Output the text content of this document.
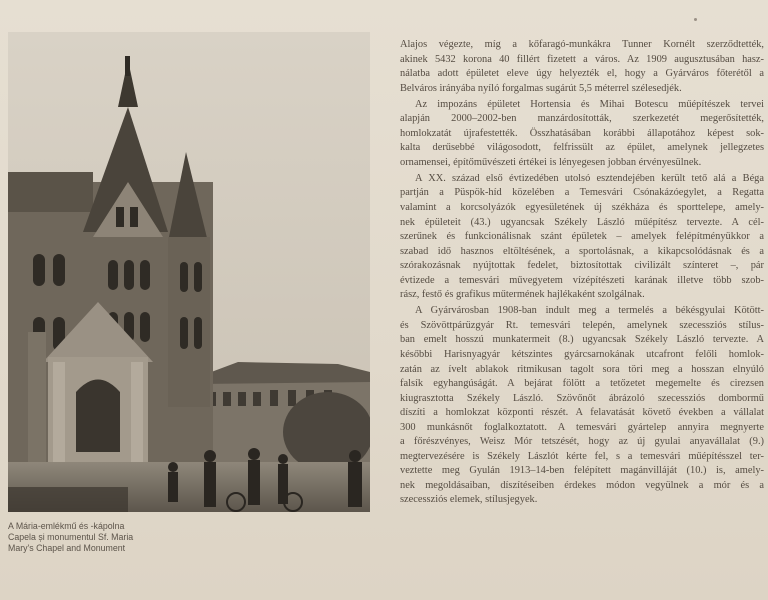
A Mária-emlékmű és -kápolna
Capela și monumentul Sf. Maria
Mary's Chapel and Monument
Alajos végezte, míg a kőfaragó-munkákra Tunner Kornélt szerződtették,
akinek 5432 korona 40 fillért fizetett a város. Az 1909 augusztusában hasz-
nálatba adott épületet eleve úgy helyezték el, hogy a Gyárváros főterétől a
Belváros irányába nyíló forgalmas sugárút 5,5 méterrel szélesedjék.
Az impozáns épületet Hortensia és Mihai Botescu műépítészek tervei
alapján 2000–2002-ben manzárdosították, szerkezetét megerősítették,
homlokzatát újrafestették. Összhatásában korábbi állapotához képest sok-
kalta derűsebbé világosodott, felfrissült az épület, amelynek jellegzetes
ornamensei, építőművészeti értékei is lényegesen jobban érvényesülnek.
A XX. század első évtizedében utolsó esztendejében került tető alá a Béga
partján a Püspök-híd közelében a Temesvári Csónakázóegylet, a Regatta
valamint a korcsolyázók egyesületének új székháza és sporttelepe, amely-
nek épületeit (43.) ugyancsak Székely László műépítész tervezte. A cél-
szerűnek és funkcionálisnak szánt épületek – amelyek felépítményükkor a
szabad idő hasznos eltöltésének, a sportolásnak, a kikapcsolódásnak és a
szórakozásnak nyújtottak fedelet, biztosítottak civilizált színteret –, pár
évtizede a temesvári művegyetem vízépítészeti karának illetve több szob-
rász, festő és grafikus műtermének hajlékaként szolgálnak.
A Gyárvárosban 1908-ban indult meg a termelés a békésgyulai Kötött-
és Szövöttpárüzgyár Rt. temesvári telepén, amelynek szecessziós stílus-
ban emelt hosszú munkatermeit (8.) ugyancsak Székely László tervezte. A
későbbi Harisnyagyár kétszintes gyárcsarnokának utcafront felőli homlok-
zatán az ívelt ablakok ritmikusan tagolt sora töri meg a hosszan elnyúló
falsík egyhangúságát. A bejárat fölött a tetőzetet megemelte és cirezsen
kiugrasztotta Székely László. Szövőnőt ábrázoló szecessziós dombormű
díszíti a homlokzat központi részét. A felavatását követő években a vállalat
300 munkásnőt foglalkoztatott. A temesvári gyártelep annyira megnyerte
a főrészvényes, Weisz Mór tetszését, hogy az új gyulai anyavállalat (9.)
megtervezésére is Székely Lászlót kérte fel, s a temesvári műépítésszel ter-
veztette meg Gyulán 1913–14-ben felépített magánvilláját (10.) is, amely-
nek megoldásaiban, díszítéseiben érdekes módon vegyülnek a mór és a
szecessziós elemek, stílusjegyek.
